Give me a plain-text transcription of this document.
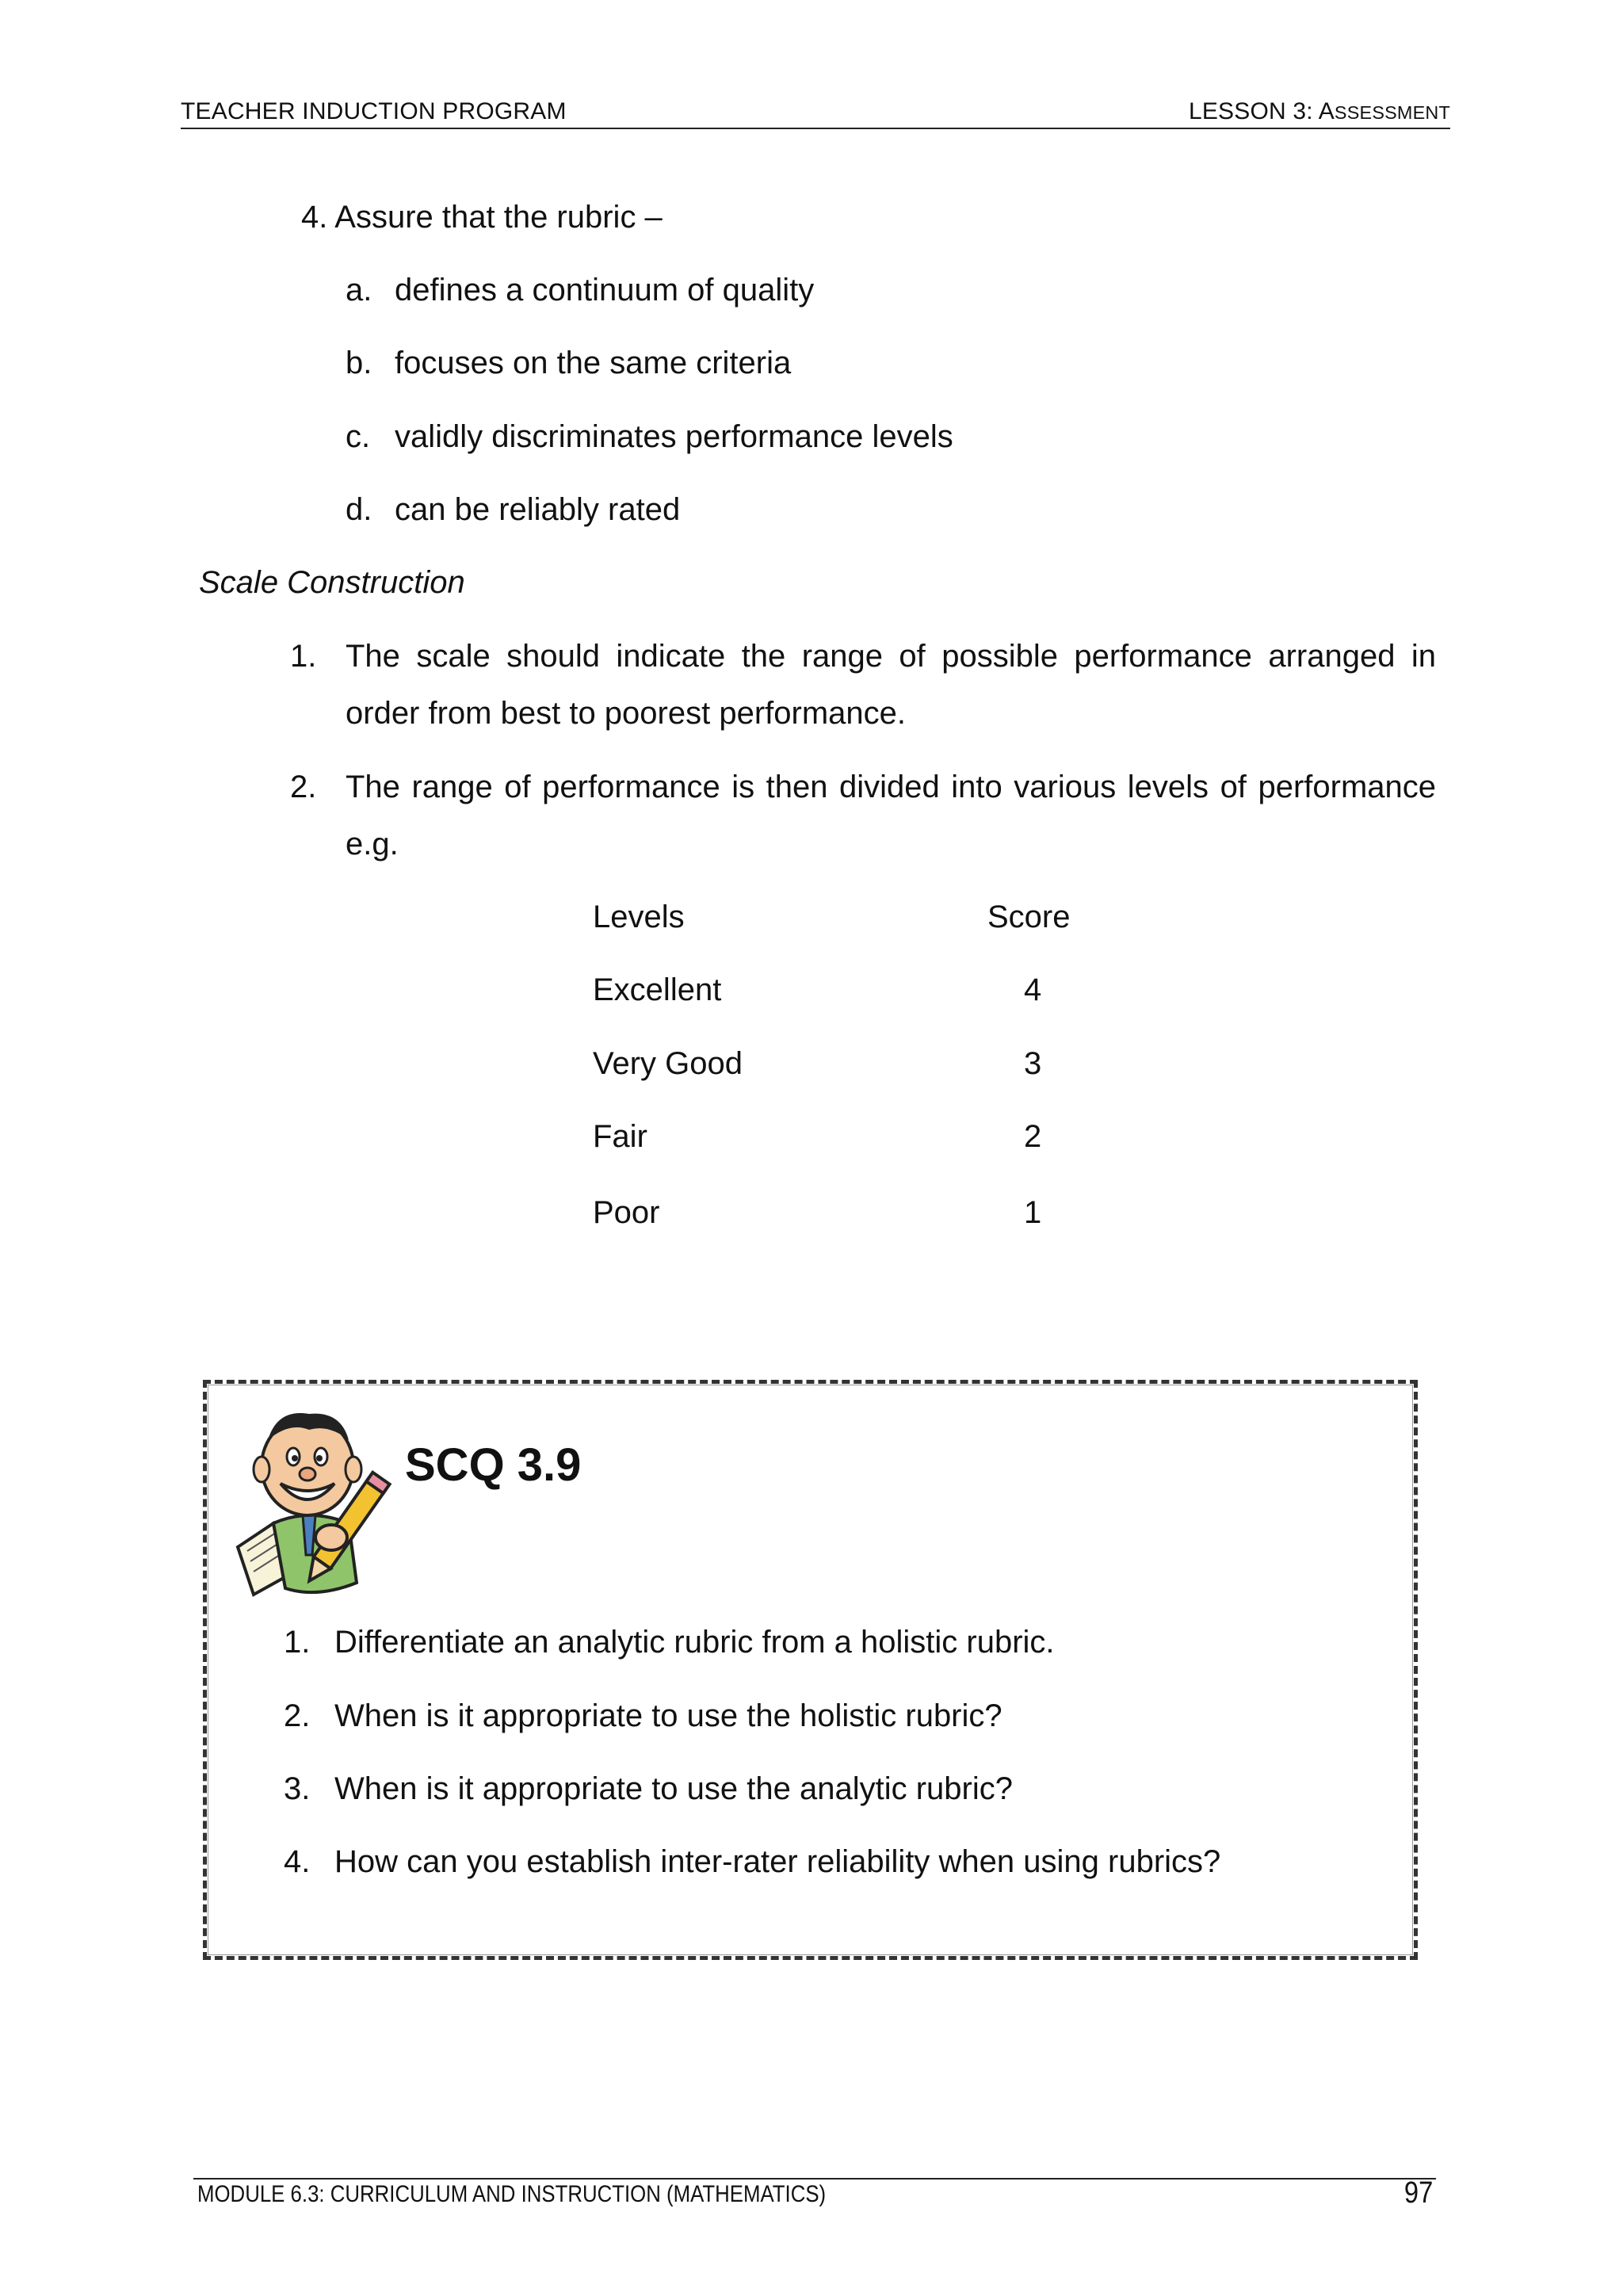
TEACHER INDUCTION PROGRAM	LESSON 3: ASSESSMENT
4. Assure that the rubric –
a. defines a continuum of quality
b. focuses on the same criteria
c. validly discriminates performance levels
d. can be reliably rated
Scale Construction
1. The scale should indicate the range of possible performance arranged in order from best to poorest performance.
2. The range of performance is then divided into various levels of performance e.g.
Levels	Score
Excellent	4
Very Good	3
Fair	2
Poor	1
SCQ 3.9
1. Differentiate an analytic rubric from a holistic rubric.
2. When is it appropriate to use the holistic rubric?
3. When is it appropriate to use the analytic rubric?
4. How can you establish inter-rater reliability when using rubrics?
MODULE 6.3: CURRICULUM AND INSTRUCTION (MATHEMATICS)	97
